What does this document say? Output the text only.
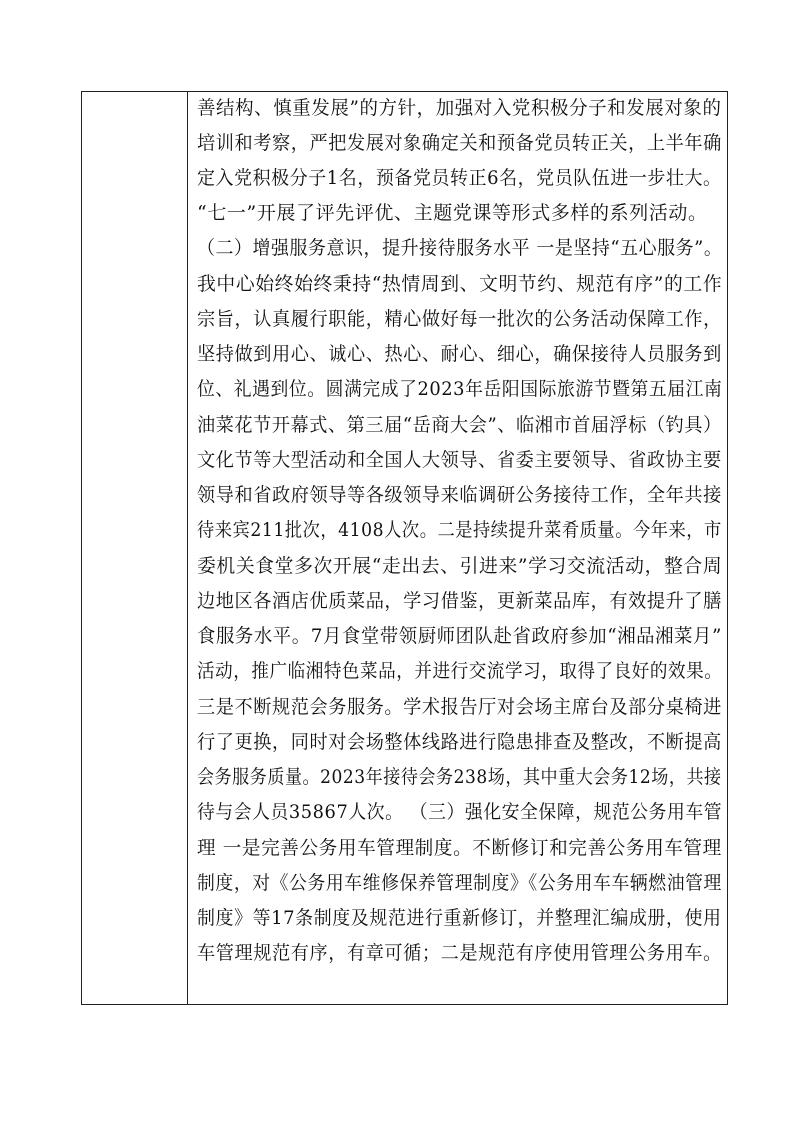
善结构、慎重发展”的方针，加强对入党积极分子和发展对象的
培训和考察，严把发展对象确定关和预备党员转正关，上半年确
定入党积极分子1名，预备党员转正6名，党员队伍进一步壮大。
“七一”开展了评先评优、主题党课等形式多样的系列活动。
（二）增强服务意识，提升接待服务水平 一是坚持“五心服务”。
我中心始终始终秉持“热情周到、文明节约、规范有序”的工作
宗旨，认真履行职能，精心做好每一批次的公务活动保障工作，
坚持做到用心、诚心、热心、耐心、细心，确保接待人员服务到
位、礼遇到位。圆满完成了2023年岳阳国际旅游节暨第五届江南
油菜花节开幕式、第三届“岳商大会”、临湘市首届浮标（钓具）
文化节等大型活动和全国人大领导、省委主要领导、省政协主要
领导和省政府领导等各级领导来临调研公务接待工作，全年共接
待来宾211批次，4108人次。二是持续提升菜肴质量。今年来，市
委机关食堂多次开展“走出去、引进来”学习交流活动，整合周
边地区各酒店优质菜品，学习借鉴，更新菜品库，有效提升了膳
食服务水平。7月食堂带领厨师团队赴省政府参加“湘品湘菜月”
活动，推广临湘特色菜品，并进行交流学习，取得了良好的效果。
三是不断规范会务服务。学术报告厅对会场主席台及部分桌椅进
行了更换，同时对会场整体线路进行隐患排查及整改，不断提高
会务服务质量。2023年接待会务238场，其中重大会务12场，共接
待与会人员35867人次。 （三）强化安全保障，规范公务用车管
理 一是完善公务用车管理制度。不断修订和完善公务用车管理
制度，对《公务用车维修保养管理制度》《公务用车车辆燃油管理
制度》等17条制度及规范进行重新修订，并整理汇编成册，使用
车管理规范有序，有章可循；二是规范有序使用管理公务用车。
